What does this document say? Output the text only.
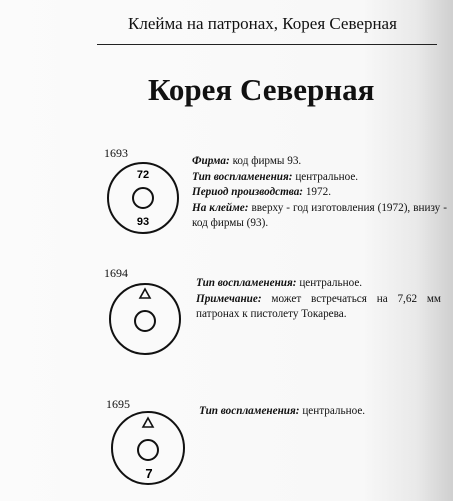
Клейма на патронах, Корея Северная
Корея Северная
1693
72
93
Фирма: код фирмы 93.
Тип воспламенения: центральное.
Период производства: 1972.
На клейме: вверху - год изготовления (1972), внизу - код фирмы (93).
1694
Тип воспламенения: центральное.
Примечание: может встречаться на 7,62 мм патронах к пистолету Токарева.
1695
7
Тип воспламенения: центральное.
